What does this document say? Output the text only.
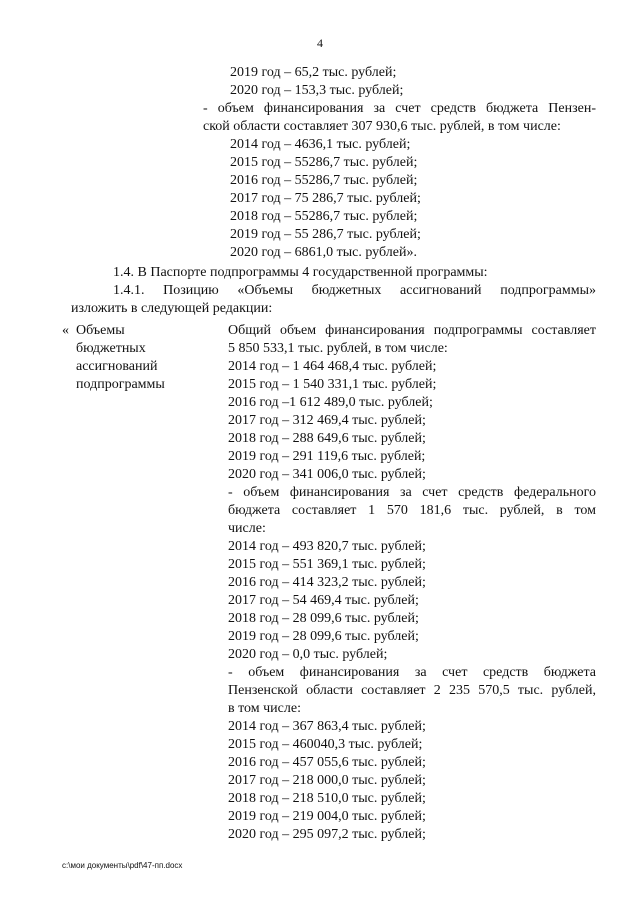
4
2019 год – 65,2 тыс. рублей;
2020 год – 153,3 тыс. рублей;
- объем финансирования за счет средств бюджета Пензен-
ской области составляет 307 930,6 тыс. рублей, в том числе:
2014 год – 4636,1 тыс. рублей;
2015 год – 55286,7 тыс. рублей;
2016 год – 55286,7 тыс. рублей;
2017 год – 75 286,7 тыс. рублей;
2018 год – 55286,7 тыс. рублей;
2019 год – 55 286,7 тыс. рублей;
2020 год – 6861,0 тыс. рублей».
1.4. В Паспорте подпрограммы 4 государственной программы:
1.4.1. Позицию «Объемы бюджетных ассигнований подпрограммы»
изложить в следующей редакции:
« Объемы
бюджетных
ассигнований
подпрограммы
Общий объем финансирования подпрограммы составляет
5 850 533,1 тыс. рублей, в том числе:
2014 год – 1 464 468,4 тыс. рублей;
2015 год – 1 540 331,1 тыс. рублей;
2016 год –1 612 489,0 тыс. рублей;
2017 год – 312 469,4 тыс. рублей;
2018 год – 288 649,6 тыс. рублей;
2019 год – 291 119,6 тыс. рублей;
2020 год – 341 006,0 тыс. рублей;
- объем финансирования за счет средств федерального
бюджета составляет 1 570 181,6 тыс. рублей, в том
числе:
2014 год – 493 820,7 тыс. рублей;
2015 год – 551 369,1 тыс. рублей;
2016 год – 414 323,2 тыс. рублей;
2017 год – 54 469,4 тыс. рублей;
2018 год – 28 099,6 тыс. рублей;
2019 год – 28 099,6 тыс. рублей;
2020 год – 0,0 тыс. рублей;
- объем финансирования за счет средств бюджета
Пензенской области составляет 2 235 570,5 тыс. рублей,
в том числе:
2014 год – 367 863,4 тыс. рублей;
2015 год – 460040,3 тыс. рублей;
2016 год – 457 055,6 тыс. рублей;
2017 год – 218 000,0 тыс. рублей;
2018 год – 218 510,0 тыс. рублей;
2019 год – 219 004,0 тыс. рублей;
2020 год – 295 097,2 тыс. рублей;
c:\мои документы\pdf\47-пп.docx
